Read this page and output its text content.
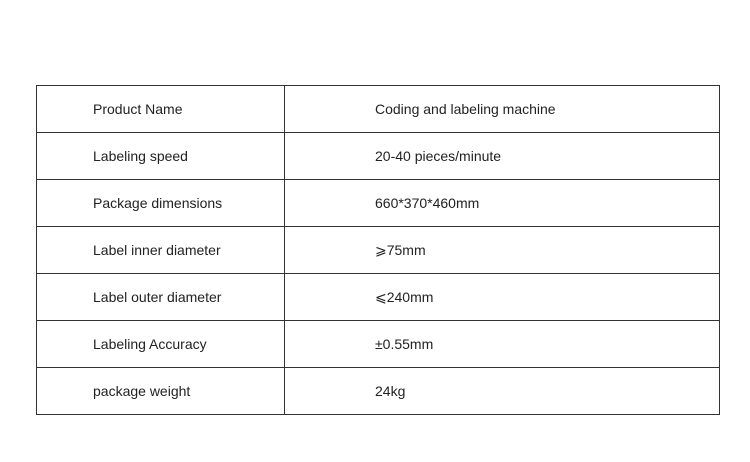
Product Name	Coding and labeling machine
Labeling speed	20-40 pieces/minute
Package dimensions	660*370*460mm
Label inner diameter	⩾75mm
Label outer diameter	⩽240mm
Labeling Accuracy	±0.55mm
package weight	24kg
